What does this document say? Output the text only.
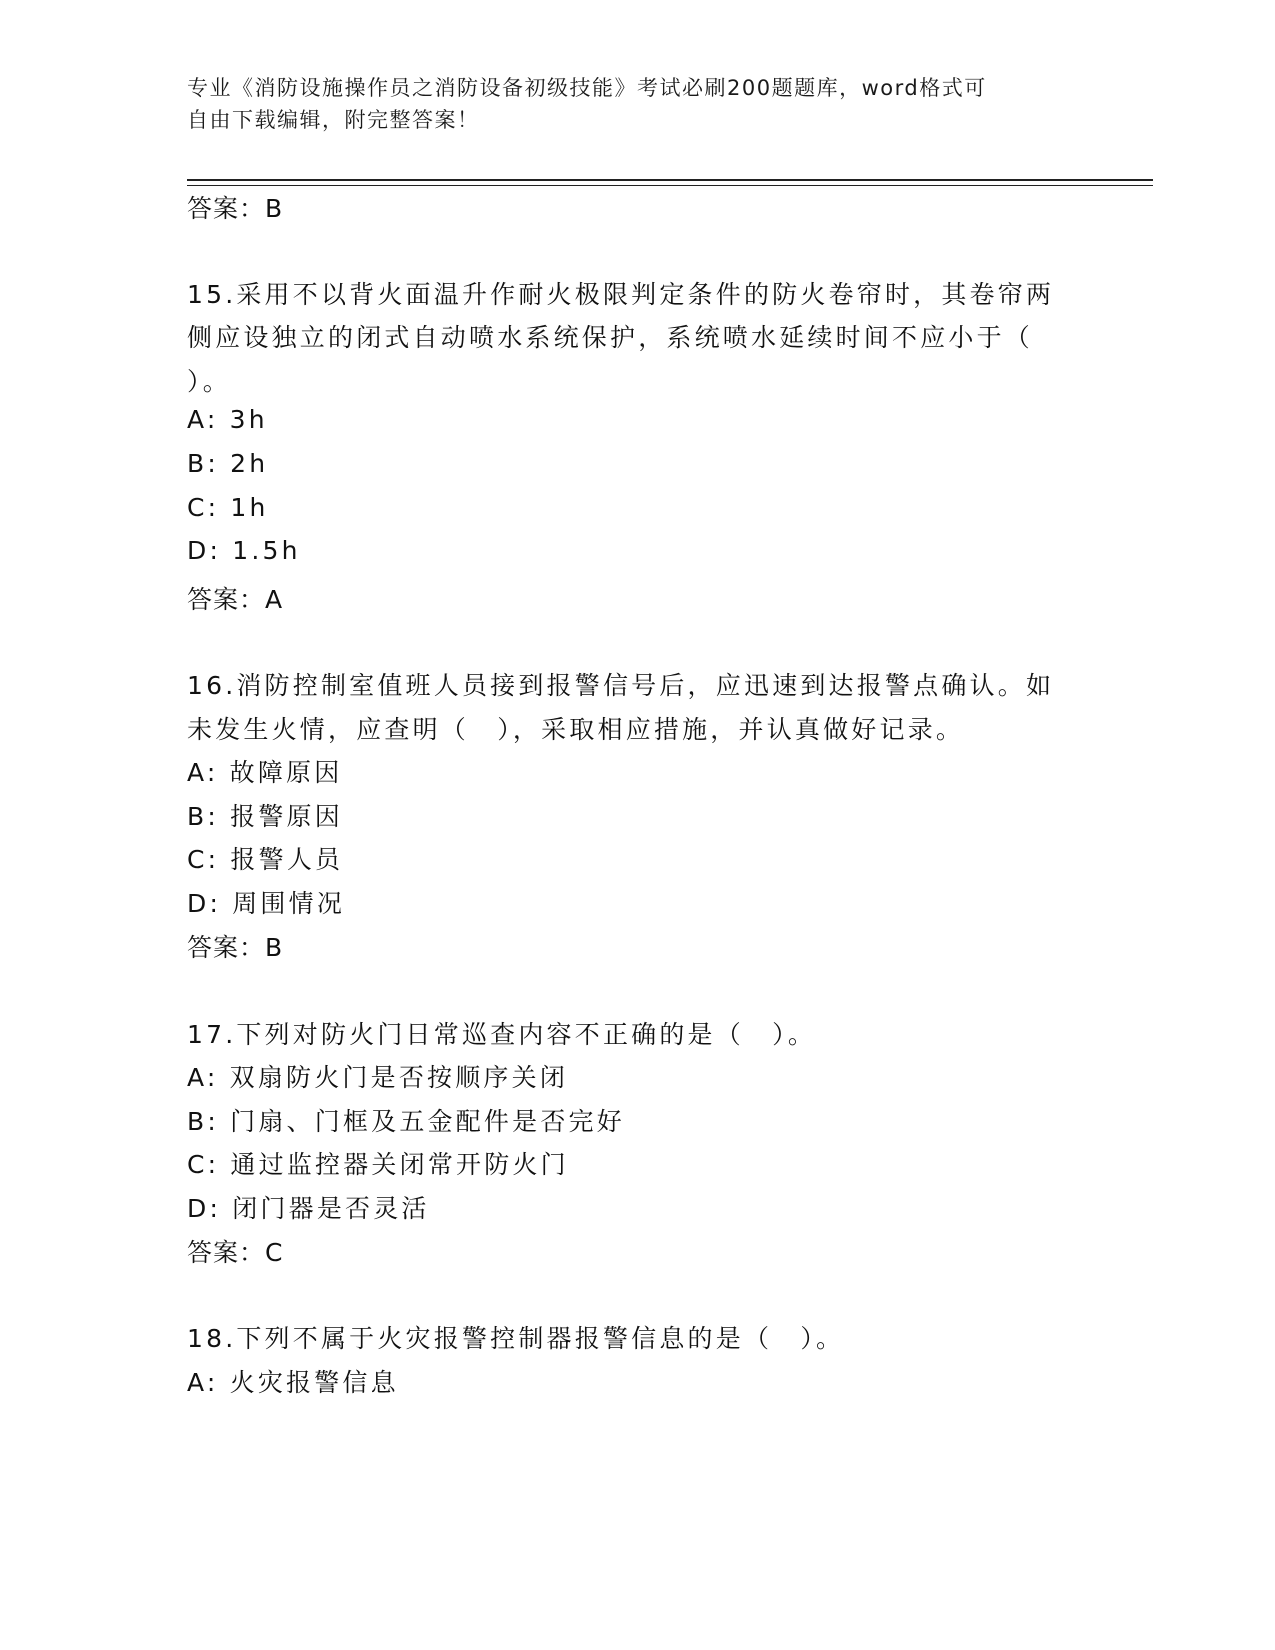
专业《消防设施操作员之消防设备初级技能》考试必刷200题题库，word格式可
自由下载编辑，附完整答案！
答案：B
15.采用不以背火面温升作耐火极限判定条件的防火卷帘时，其卷帘两
侧应设独立的闭式自动喷水系统保护，系统喷水延续时间不应小于（
）。
A: 3h
B: 2h
C: 1h
D: 1.5h
答案：A
16.消防控制室值班人员接到报警信号后，应迅速到达报警点确认。如
未发生火情，应查明（　），采取相应措施，并认真做好记录。
A: 故障原因
B: 报警原因
C: 报警人员
D: 周围情况
答案：B
17.下列对防火门日常巡查内容不正确的是（　）。
A: 双扇防火门是否按顺序关闭
B: 门扇、门框及五金配件是否完好
C: 通过监控器关闭常开防火门
D: 闭门器是否灵活
答案：C
18.下列不属于火灾报警控制器报警信息的是（　）。
A: 火灾报警信息
